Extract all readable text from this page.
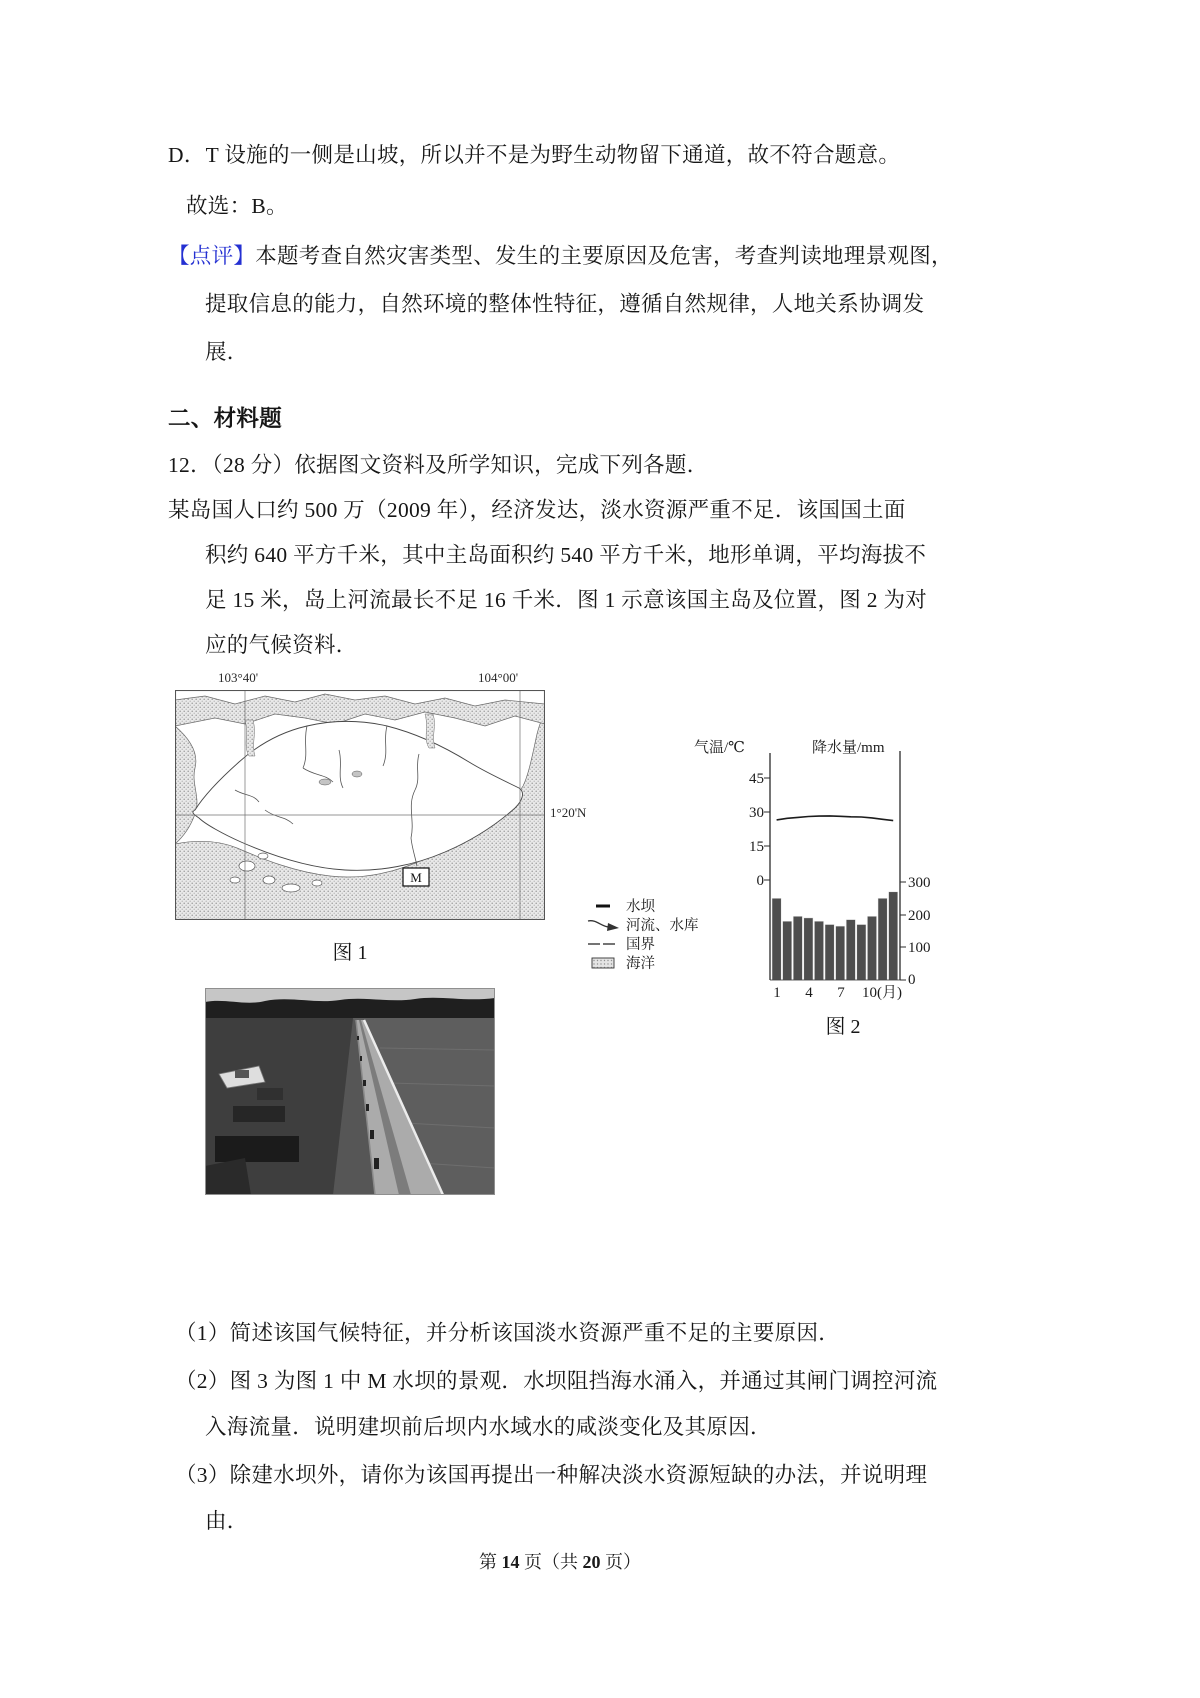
D．T 设施的一侧是山坡，所以并不是为野生动物留下通道，故不符合题意。
故选：B。
【点评】本题考查自然灾害类型、发生的主要原因及危害，考查判读地理景观图，
提取信息的能力，自然环境的整体性特征，遵循自然规律，人地关系协调发
展．
二、材料题
12．（28 分）依据图文资料及所学知识，完成下列各题．
某岛国人口约 500 万（2009 年），经济发达，淡水资源严重不足．该国国土面
积约 640 平方千米，其中主岛面积约 540 平方千米，地形单调，平均海拔不
足 15 米，岛上河流最长不足 16 千米．图 1 示意该国主岛及位置，图 2 为对
应的气候资料．
103°40'	104°00'
1°20'N
M
水坝
河流、水库
国界
海洋
图 1
气温/℃	降水量/mm
45
30
15
0	300
200
100
0
1 4 7 10(月)
图 2
（1）简述该国气候特征，并分析该国淡水资源严重不足的主要原因．
（2）图 3 为图 1 中 M 水坝的景观．水坝阻挡海水涌入，并通过其闸门调控河流
入海流量．说明建坝前后坝内水域水的咸淡变化及其原因．
（3）除建水坝外，请你为该国再提出一种解决淡水资源短缺的办法，并说明理
由．
第 14 页（共 20 页）
